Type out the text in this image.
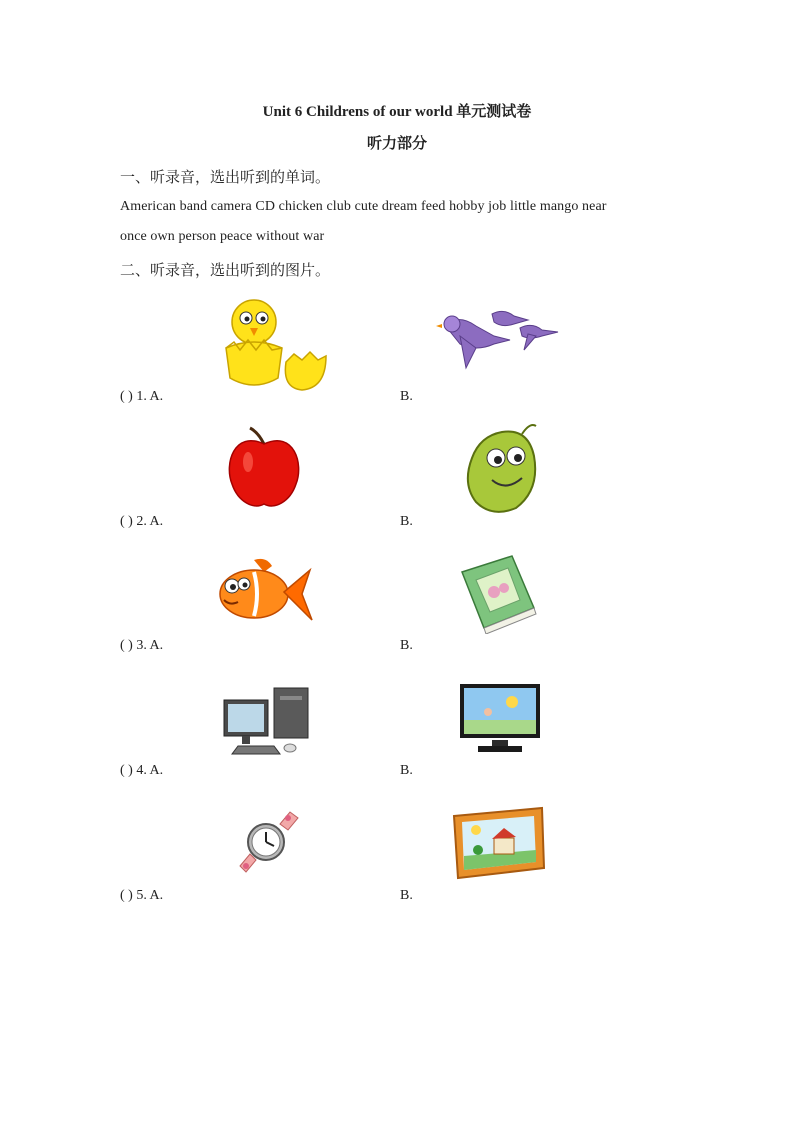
Unit 6 Childrens of our world 单元测试卷
听力部分
一、听录音，选出听到的单词。
American band camera CD chicken club cute dream feed hobby job little mango near
once own person peace without war
二、听录音，选出听到的图片。
( ) 1. A.	B.
( ) 2. A.	B.
( ) 3. A.	B.
( ) 4. A.	B.
( ) 5. A.	B.
